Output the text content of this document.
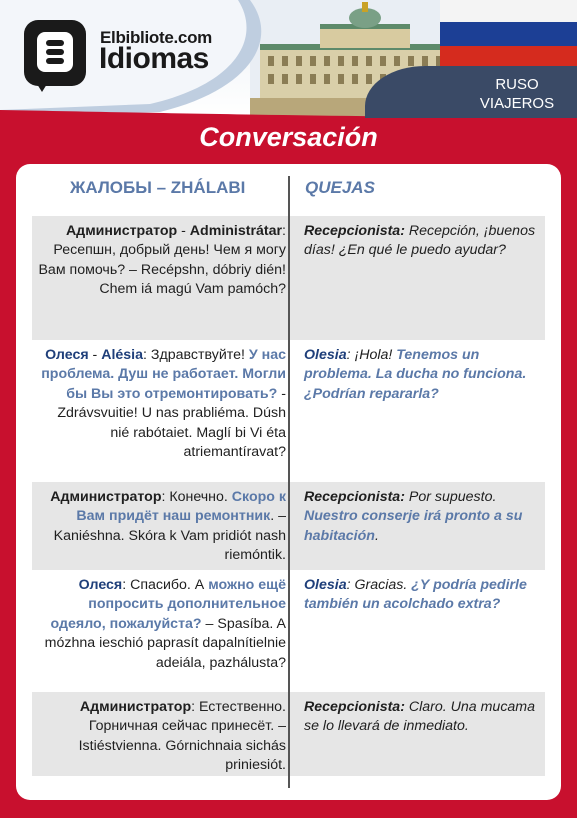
Elbibliote.com
Idiomas
RUSO
VIAJEROS
Conversación
ЖАЛОБЫ – ZHÁLABI	QUEJAS
Администратор - Administrátar: Ресепшн, добрый день! Чем я могу Вам помочь? – Recépshn, dóbriy dién! Chem iá magú Vam pamóch?
Recepcionista: Recepción, ¡buenos días! ¿En qué le puedo ayudar?
Олеся - Alésia: Здравствуйте! У нас проблема. Душ не работает. Могли бы Вы это отремонтировать? - Zdrávsvuitie! U nas prabliéma. Dúsh nié rabótaiet. Maglí bi Vi éta atriemantíravat?
Olesia: ¡Hola! Tenemos un problema. La ducha no funciona. ¿Podrían repararla?
Администратор: Конечно. Скоро к Вам придёт наш ремонтник. – Kaniéshna. Skóra k Vam pridiót nash riemóntik.
Recepcionista: Por supuesto. Nuestro conserje irá pronto a su habitación.
Олеся: Спасибо. А можно ещё попросить дополнительное одеяло, пожалуйста? – Spasíba. A mózhna ieschió paprasít dapalnítielnie adeiála, pazhálusta?
Olesia: Gracias. ¿Y podría pedirle también un acolchado extra?
Администратор: Естественно. Горничная сейчас принесёт. – Istiéstvienna. Górnichnaia sichás priniesiót.
Recepcionista: Claro. Una mucama se lo llevará de inmediato.
